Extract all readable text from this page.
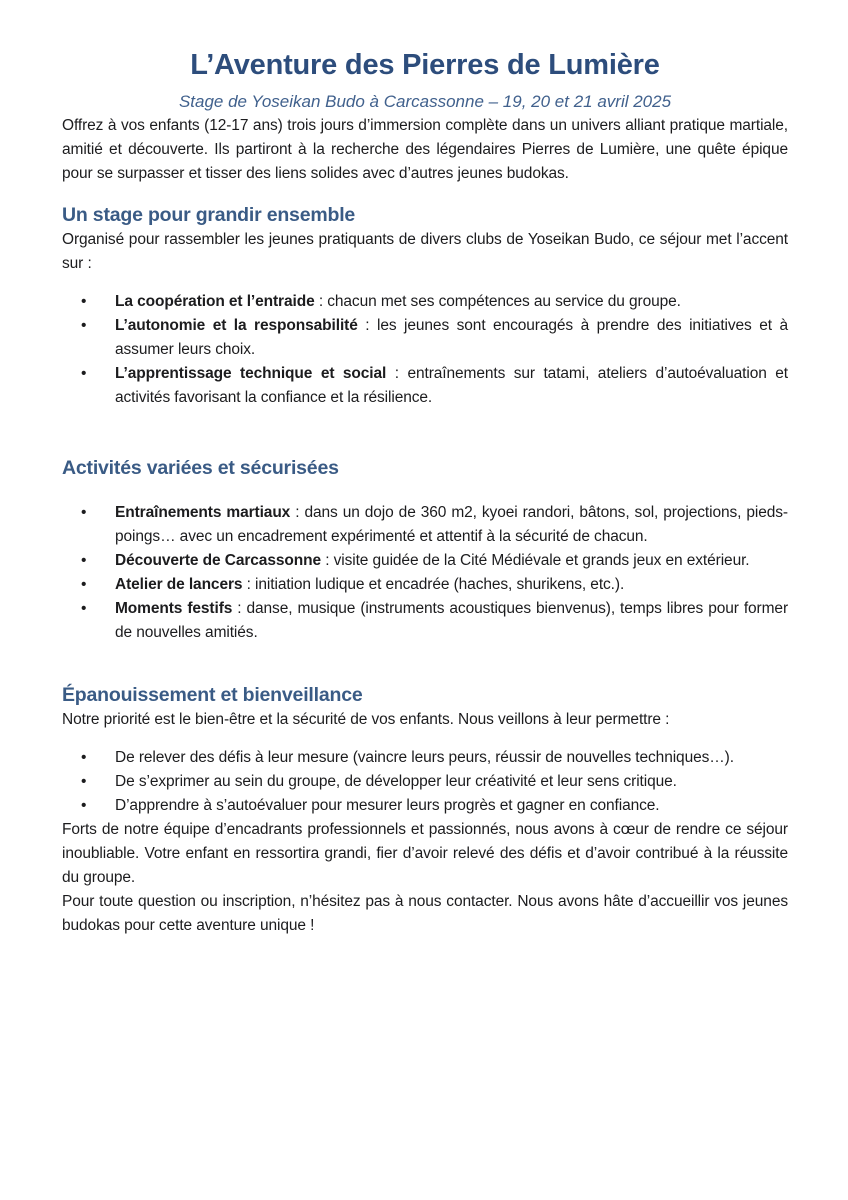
L’Aventure des Pierres de Lumière

Stage de Yoseikan Budo à Carcassonne – 19, 20 et 21 avril 2025

Offrez à vos enfants (12-17 ans) trois jours d’immersion complète dans un univers alliant pratique martiale, amitié et découverte. Ils partiront à la recherche des légendaires Pierres de Lumière, une quête épique pour se surpasser et tisser des liens solides avec d’autres jeunes budokas.

Un stage pour grandir ensemble

Organisé pour rassembler les jeunes pratiquants de divers clubs de Yoseikan Budo, ce séjour met l’accent sur :

• La coopération et l’entraide : chacun met ses compétences au service du groupe.
• L’autonomie et la responsabilité : les jeunes sont encouragés à prendre des initiatives et à assumer leurs choix.
• L’apprentissage technique et social : entraînements sur tatami, ateliers d’autoévaluation et activités favorisant la confiance et la résilience.
Activités variées et sécurisées
• Entraînements martiaux : dans un dojo de 360 m2, kyoei randori, bâtons, sol, projections, pieds-poings… avec un encadrement expérimenté et attentif à la sécurité de chacun.
• Découverte de Carcassonne : visite guidée de la Cité Médiévale et grands jeux en extérieur.
• Atelier de lancers : initiation ludique et encadrée (haches, shurikens, etc.).
• Moments festifs : danse, musique (instruments acoustiques bienvenus), temps libres pour former de nouvelles amitiés.
Épanouissement et bienveillance

Notre priorité est le bien-être et la sécurité de vos enfants. Nous veillons à leur permettre :

• De relever des défis à leur mesure (vaincre leurs peurs, réussir de nouvelles techniques…).
• De s’exprimer au sein du groupe, de développer leur créativité et leur sens critique.
• D’apprendre à s’autoévaluer pour mesurer leurs progrès et gagner en confiance.

Forts de notre équipe d’encadrants professionnels et passionnés, nous avons à cœur de rendre ce séjour inoubliable. Votre enfant en ressortira grandi, fier d’avoir relevé des défis et d’avoir contribué à la réussite du groupe.

Pour toute question ou inscription, n’hésitez pas à nous contacter. Nous avons hâte d’accueillir vos jeunes budokas pour cette aventure unique !
